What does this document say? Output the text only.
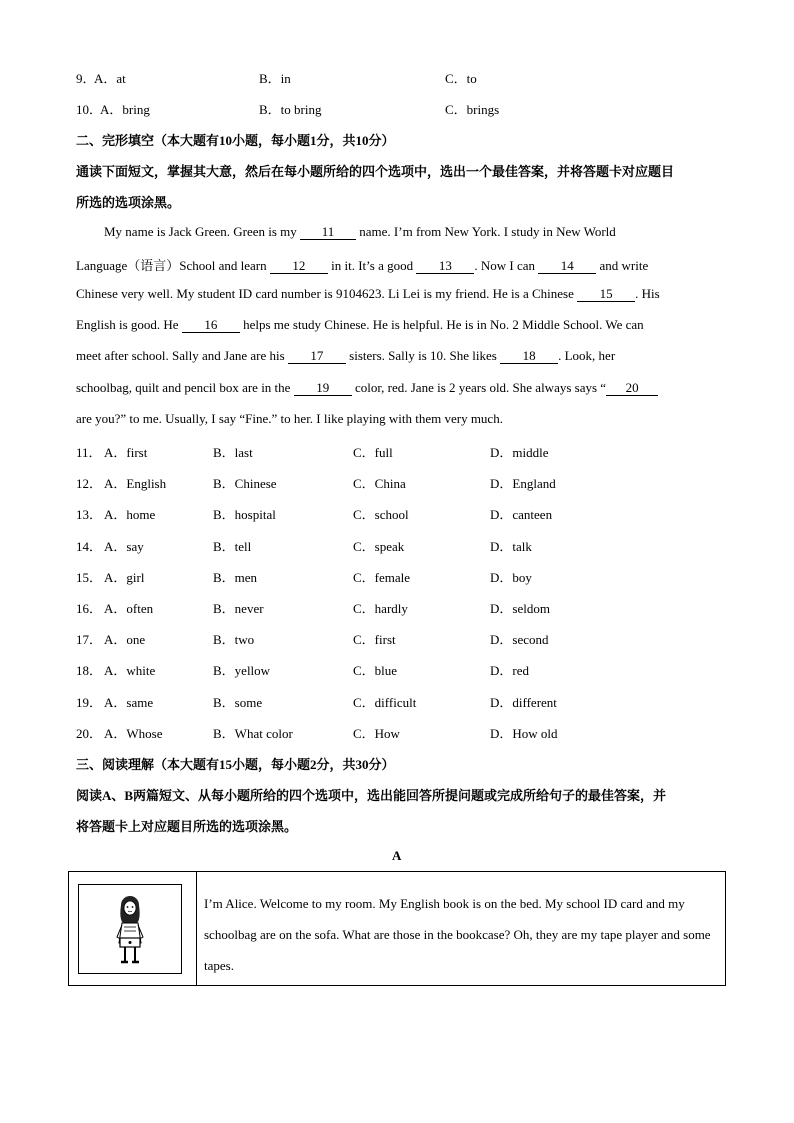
9．
A．at	B．in	C．to
10．
A．bring	B．to bring	C．brings
二、完形填空（本大题有10小题，每小题1分，共10分）
通读下面短文，掌握其大意，然后在每小题所给的四个选项中，选出一个最佳答案，并将答题卡对应题目
所选的选项涂黑。
My name is Jack Green. Green is my 11 name. I’m from New York. I study in New World
Language（语言）School and learn 12 in it. It’s a good 13 . Now I can 14 and write
Chinese very well. My student ID card number is 9104623. Li Lei is my friend. He is a Chinese 15 . His
English is good. He 16 helps me study Chinese. He is helpful. He is in No. 2 Middle School. We can
meet after school. Sally and Jane are his 17 sisters. Sally is 10. She likes 18 . Look, her
schoolbag, quilt and pencil box are in the 19 color, red. Jane is 2 years old. She always says “ 20
are you?” to me. Usually, I say “Fine.” to her. I like playing with them very much.
11． A．first	B．last	C．full	D．middle
12． A．English	B．Chinese	C．China	D．England
13． A．home	B．hospital	C．school	D．canteen
14． A．say	B．tell	C．speak	D．talk
15． A．girl	B．men	C．female	D．boy
16． A．often	B．never	C．hardly	D．seldom
17． A．one	B．two	C．first	D．second
18． A．white	B．yellow	C．blue	D．red
19． A．same	B．some	C．difficult	D．different
20． A．Whose	B．What color	C．How	D．How old
三、阅读理解（本大题有15小题，每小题2分，共30分）
阅读A、B两篇短文、从每小题所给的四个选项中，选出能回答所提问题或完成所给句子的最佳答案，并
将答题卡上对应题目所选的选项涂黑。
A
I’m Alice. Welcome to my room. My English book is on the bed. My school ID card and my schoolbag are on the sofa. What are those in the bookcase? Oh, they are my tape player and some tapes.
